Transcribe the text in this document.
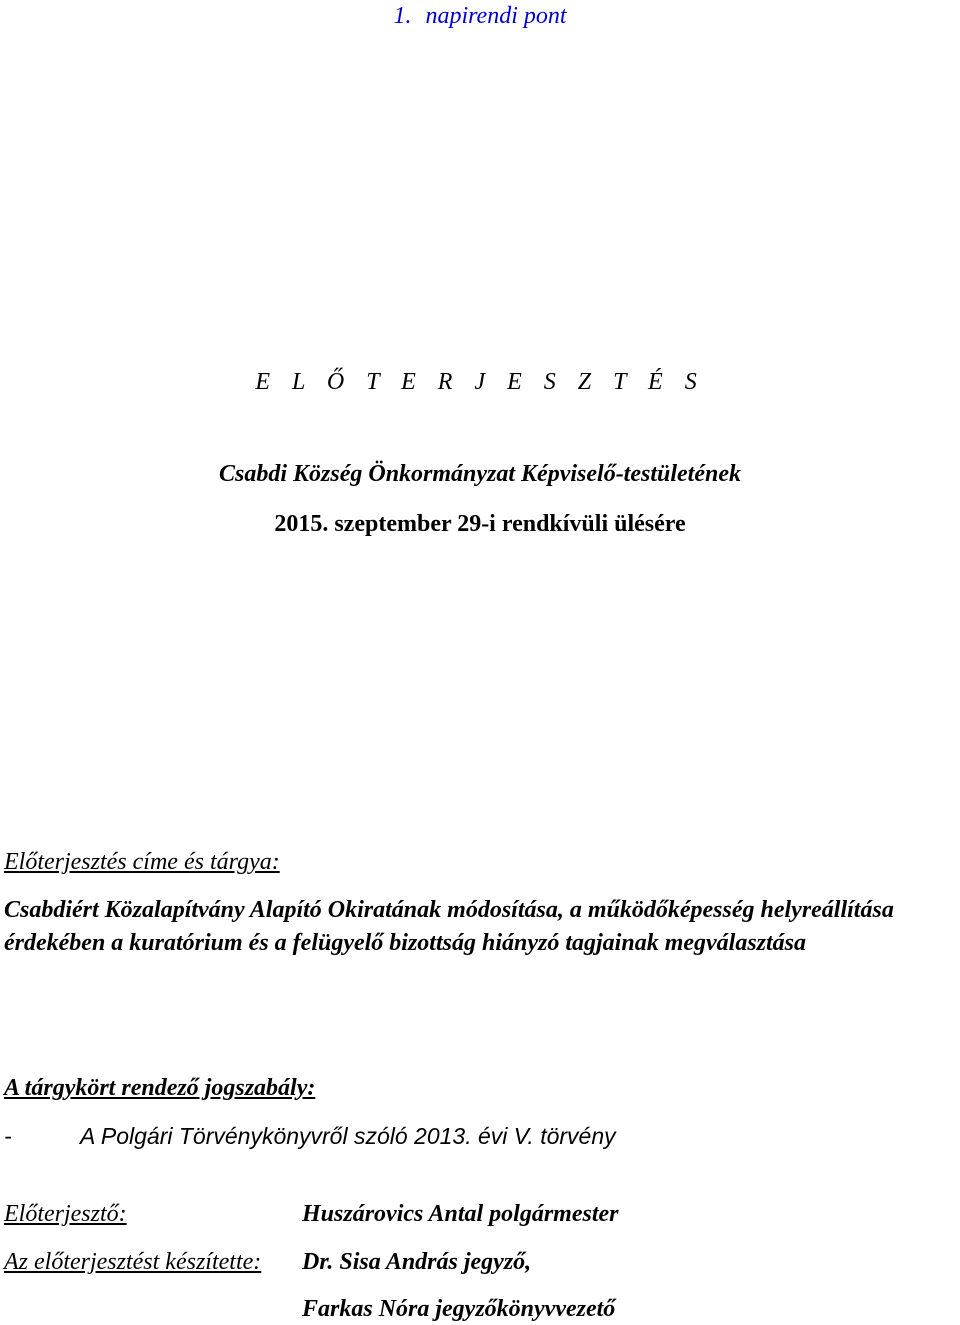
1. napirendi pont
E L Ő T E R J E S Z T É S
Csabdi Község Önkormányzat Képviselő-testületének
2015. szeptember 29-i rendkívüli ülésére
Előterjesztés címe és tárgya:
Csabdiért Közalapítvány Alapító Okiratának módosítása, a működőképesség helyreállítása
érdekében a kuratórium és a felügyelő bizottság hiányzó tagjainak megválasztása
A tárgykört rendező jogszabály:
-	A Polgári Törvénykönyvről szóló 2013. évi V. törvény
Előterjesztő:	Huszárovics Antal polgármester
Az előterjesztést készítette: Dr. Sisa András jegyző,
Farkas Nóra jegyzőkönyvvezető
